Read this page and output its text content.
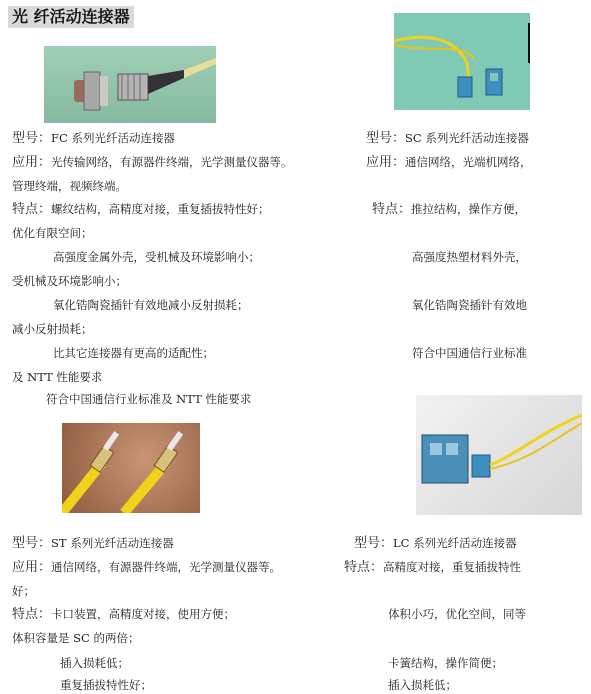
光 纤活动连接器
型号：FC 系列光纤活动连接器
应用：光传输网络，有源器件终端，光学测量仪器等。
管理终端，视频终端。
特点：螺纹结构，高精度对接，重复插拔特性好；
优化有限空间；
高强度金属外壳，受机械及环境影响小；
受机械及环境影响小；
氧化锆陶瓷插针有效地减小反射损耗；
减小反射损耗；
比其它连接器有更高的适配性；
及 NTT 性能要求
符合中国通信行业标准及 NTT 性能要求
型号：SC 系列光纤活动连接器
应用：通信网络，光端机网络，
特点：推拉结构，操作方便，
高强度热塑材料外壳，
氧化锆陶瓷插针有效地
符合中国通信行业标准
型号：ST 系列光纤活动连接器
应用：通信网络，有源器件终端，光学测量仪器等。
好；
特点：卡口装置，高精度对接，使用方便；
体积容量是 SC 的两倍；
插入损耗低；
重复插拔特性好；
型号：LC 系列光纤活动连接器
特点：高精度对接，重复插拔特性
体积小巧，优化空间，同等
卡簧结构，操作简便；
插入损耗低；
